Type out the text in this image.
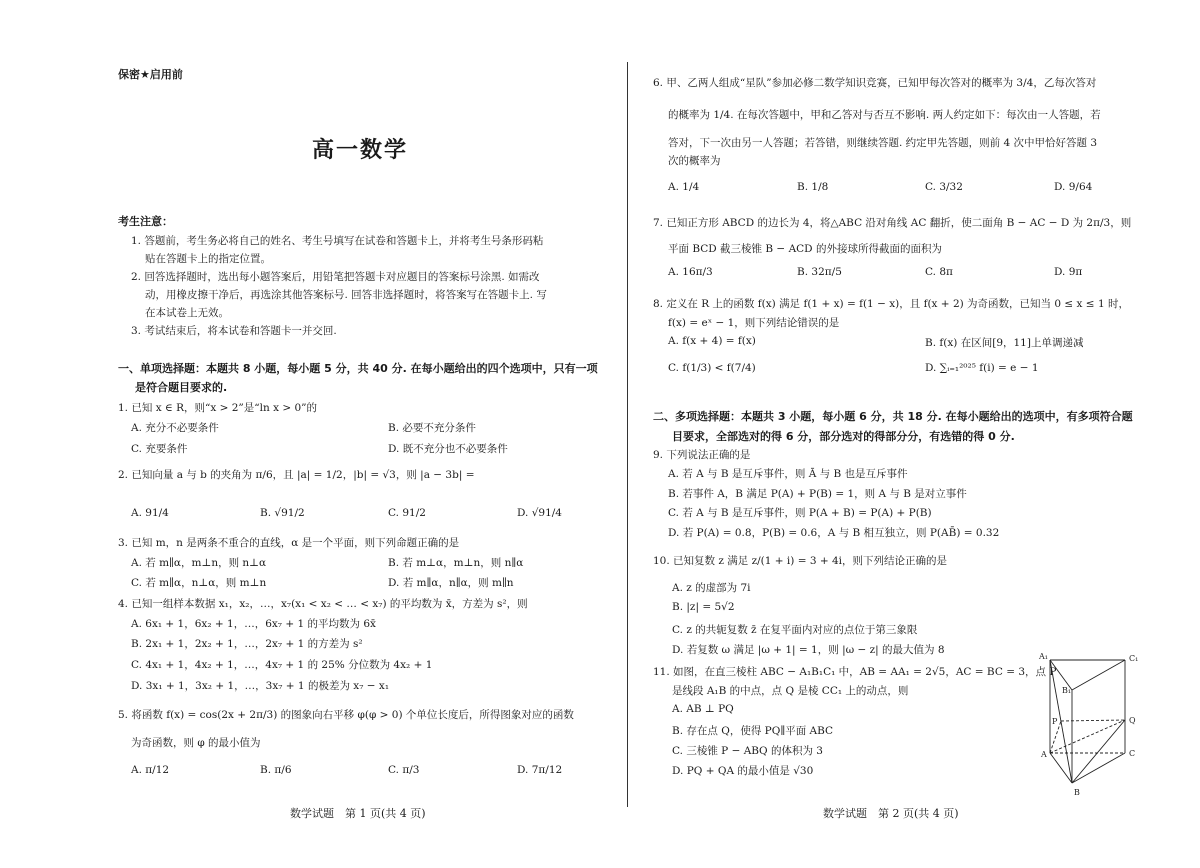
保密★启用前
高一数学
考生注意：
1. 答题前，考生务必将自己的姓名、考生号填写在试卷和答题卡上，并将考生号条形码粘
贴在答题卡上的指定位置。
2. 回答选择题时，选出每小题答案后，用铅笔把答题卡对应题目的答案标号涂黑. 如需改
动，用橡皮擦干净后，再选涂其他答案标号. 回答非选择题时，将答案写在答题卡上. 写
在本试卷上无效。
3. 考试结束后，将本试卷和答题卡一并交回.
一、单项选择题：本题共 8 小题，每小题 5 分，共 40 分. 在每小题给出的四个选项中，只有一项
是符合题目要求的.
1. 已知 x ∈ R，则“x > 2”是“ln x > 0”的
A. 充分不必要条件	B. 必要不充分条件
C. 充要条件	D. 既不充分也不必要条件
2. 已知向量 a 与 b 的夹角为 π/6，且 |a| = 1/2，|b| = √3，则 |a − 3b| =
A. 91/4	B. √91/2	C. 91/2	D. √91/4
3. 已知 m，n 是两条不重合的直线，α 是一个平面，则下列命题正确的是
A. 若 m∥α，m⊥n，则 n⊥α	B. 若 m⊥α，m⊥n，则 n∥α
C. 若 m∥α，n⊥α，则 m⊥n	D. 若 m∥α，n∥α，则 m∥n
4. 已知一组样本数据 x₁，x₂，…，x₇(x₁ < x₂ < … < x₇) 的平均数为 x̄，方差为 s²，则
A. 6x₁ + 1，6x₂ + 1，…，6x₇ + 1 的平均数为 6x̄
B. 2x₁ + 1，2x₂ + 1，…，2x₇ + 1 的方差为 s²
C. 4x₁ + 1，4x₂ + 1，…，4x₇ + 1 的 25% 分位数为 4x₂ + 1
D. 3x₁ + 1，3x₂ + 1，…，3x₇ + 1 的极差为 x₇ − x₁
5. 将函数 f(x) = cos(2x + 2π/3) 的图象向右平移 φ(φ > 0) 个单位长度后，所得图象对应的函数
为奇函数，则 φ 的最小值为
A. π/12	B. π/6	C. π/3	D. 7π/12
数学试题　第 1 页(共 4 页)
6. 甲、乙两人组成“星队”参加必修二数学知识竞赛，已知甲每次答对的概率为 3/4，乙每次答对
的概率为 1/4. 在每次答题中，甲和乙答对与否互不影响. 两人约定如下：每次由一人答题，若
答对，下一次由另一人答题；若答错，则继续答题. 约定甲先答题，则前 4 次中甲恰好答题 3
次的概率为
A. 1/4	B. 1/8	C. 3/32	D. 9/64
7. 已知正方形 ABCD 的边长为 4，将△ABC 沿对角线 AC 翻折，使二面角 B − AC − D 为 2π/3，则
平面 BCD 截三棱锥 B − ACD 的外接球所得截面的面积为
A. 16π/3	B. 32π/5	C. 8π	D. 9π
8. 定义在 R 上的函数 f(x) 满足 f(1 + x) = f(1 − x)，且 f(x + 2) 为奇函数，已知当 0 ≤ x ≤ 1 时，
f(x) = eˣ − 1，则下列结论错误的是
A. f(x + 4) = f(x)	B. f(x) 在区间[9，11]上单调递减
C. f(1/3) < f(7/4)	D. ∑ᵢ₌₁²⁰²⁵ f(i) = e − 1
二、多项选择题：本题共 3 小题，每小题 6 分，共 18 分. 在每小题给出的选项中，有多项符合题
目要求，全部选对的得 6 分，部分选对的得部分分，有选错的得 0 分.
9. 下列说法正确的是
A. 若 A 与 B 是互斥事件，则 Ā 与 B 也是互斥事件
B. 若事件 A，B 满足 P(A) + P(B) = 1，则 A 与 B 是对立事件
C. 若 A 与 B 是互斥事件，则 P(A + B) = P(A) + P(B)
D. 若 P(A) = 0.8，P(B) = 0.6，A 与 B 相互独立，则 P(AB̄) = 0.32
10. 已知复数 z 满足 z/(1 + i) = 3 + 4i，则下列结论正确的是
A. z 的虚部为 7i
B. |z| = 5√2
C. z 的共轭复数 z̄ 在复平面内对应的点位于第三象限
D. 若复数 ω 满足 |ω + 1| = 1，则 |ω − z| 的最大值为 8
11. 如图，在直三棱柱 ABC − A₁B₁C₁ 中，AB = AA₁ = 2√5，AC = BC = 3，点 P
是线段 A₁B 的中点，点 Q 是棱 CC₁ 上的动点，则
A. AB ⊥ PQ
B. 存在点 Q，使得 PQ∥平面 ABC
C. 三棱锥 P − ABQ 的体积为 3
D. PQ + QA 的最小值是 √30
A₁	C₁
B₁
P	Q
A	C
B
数学试题　第 2 页(共 4 页)
